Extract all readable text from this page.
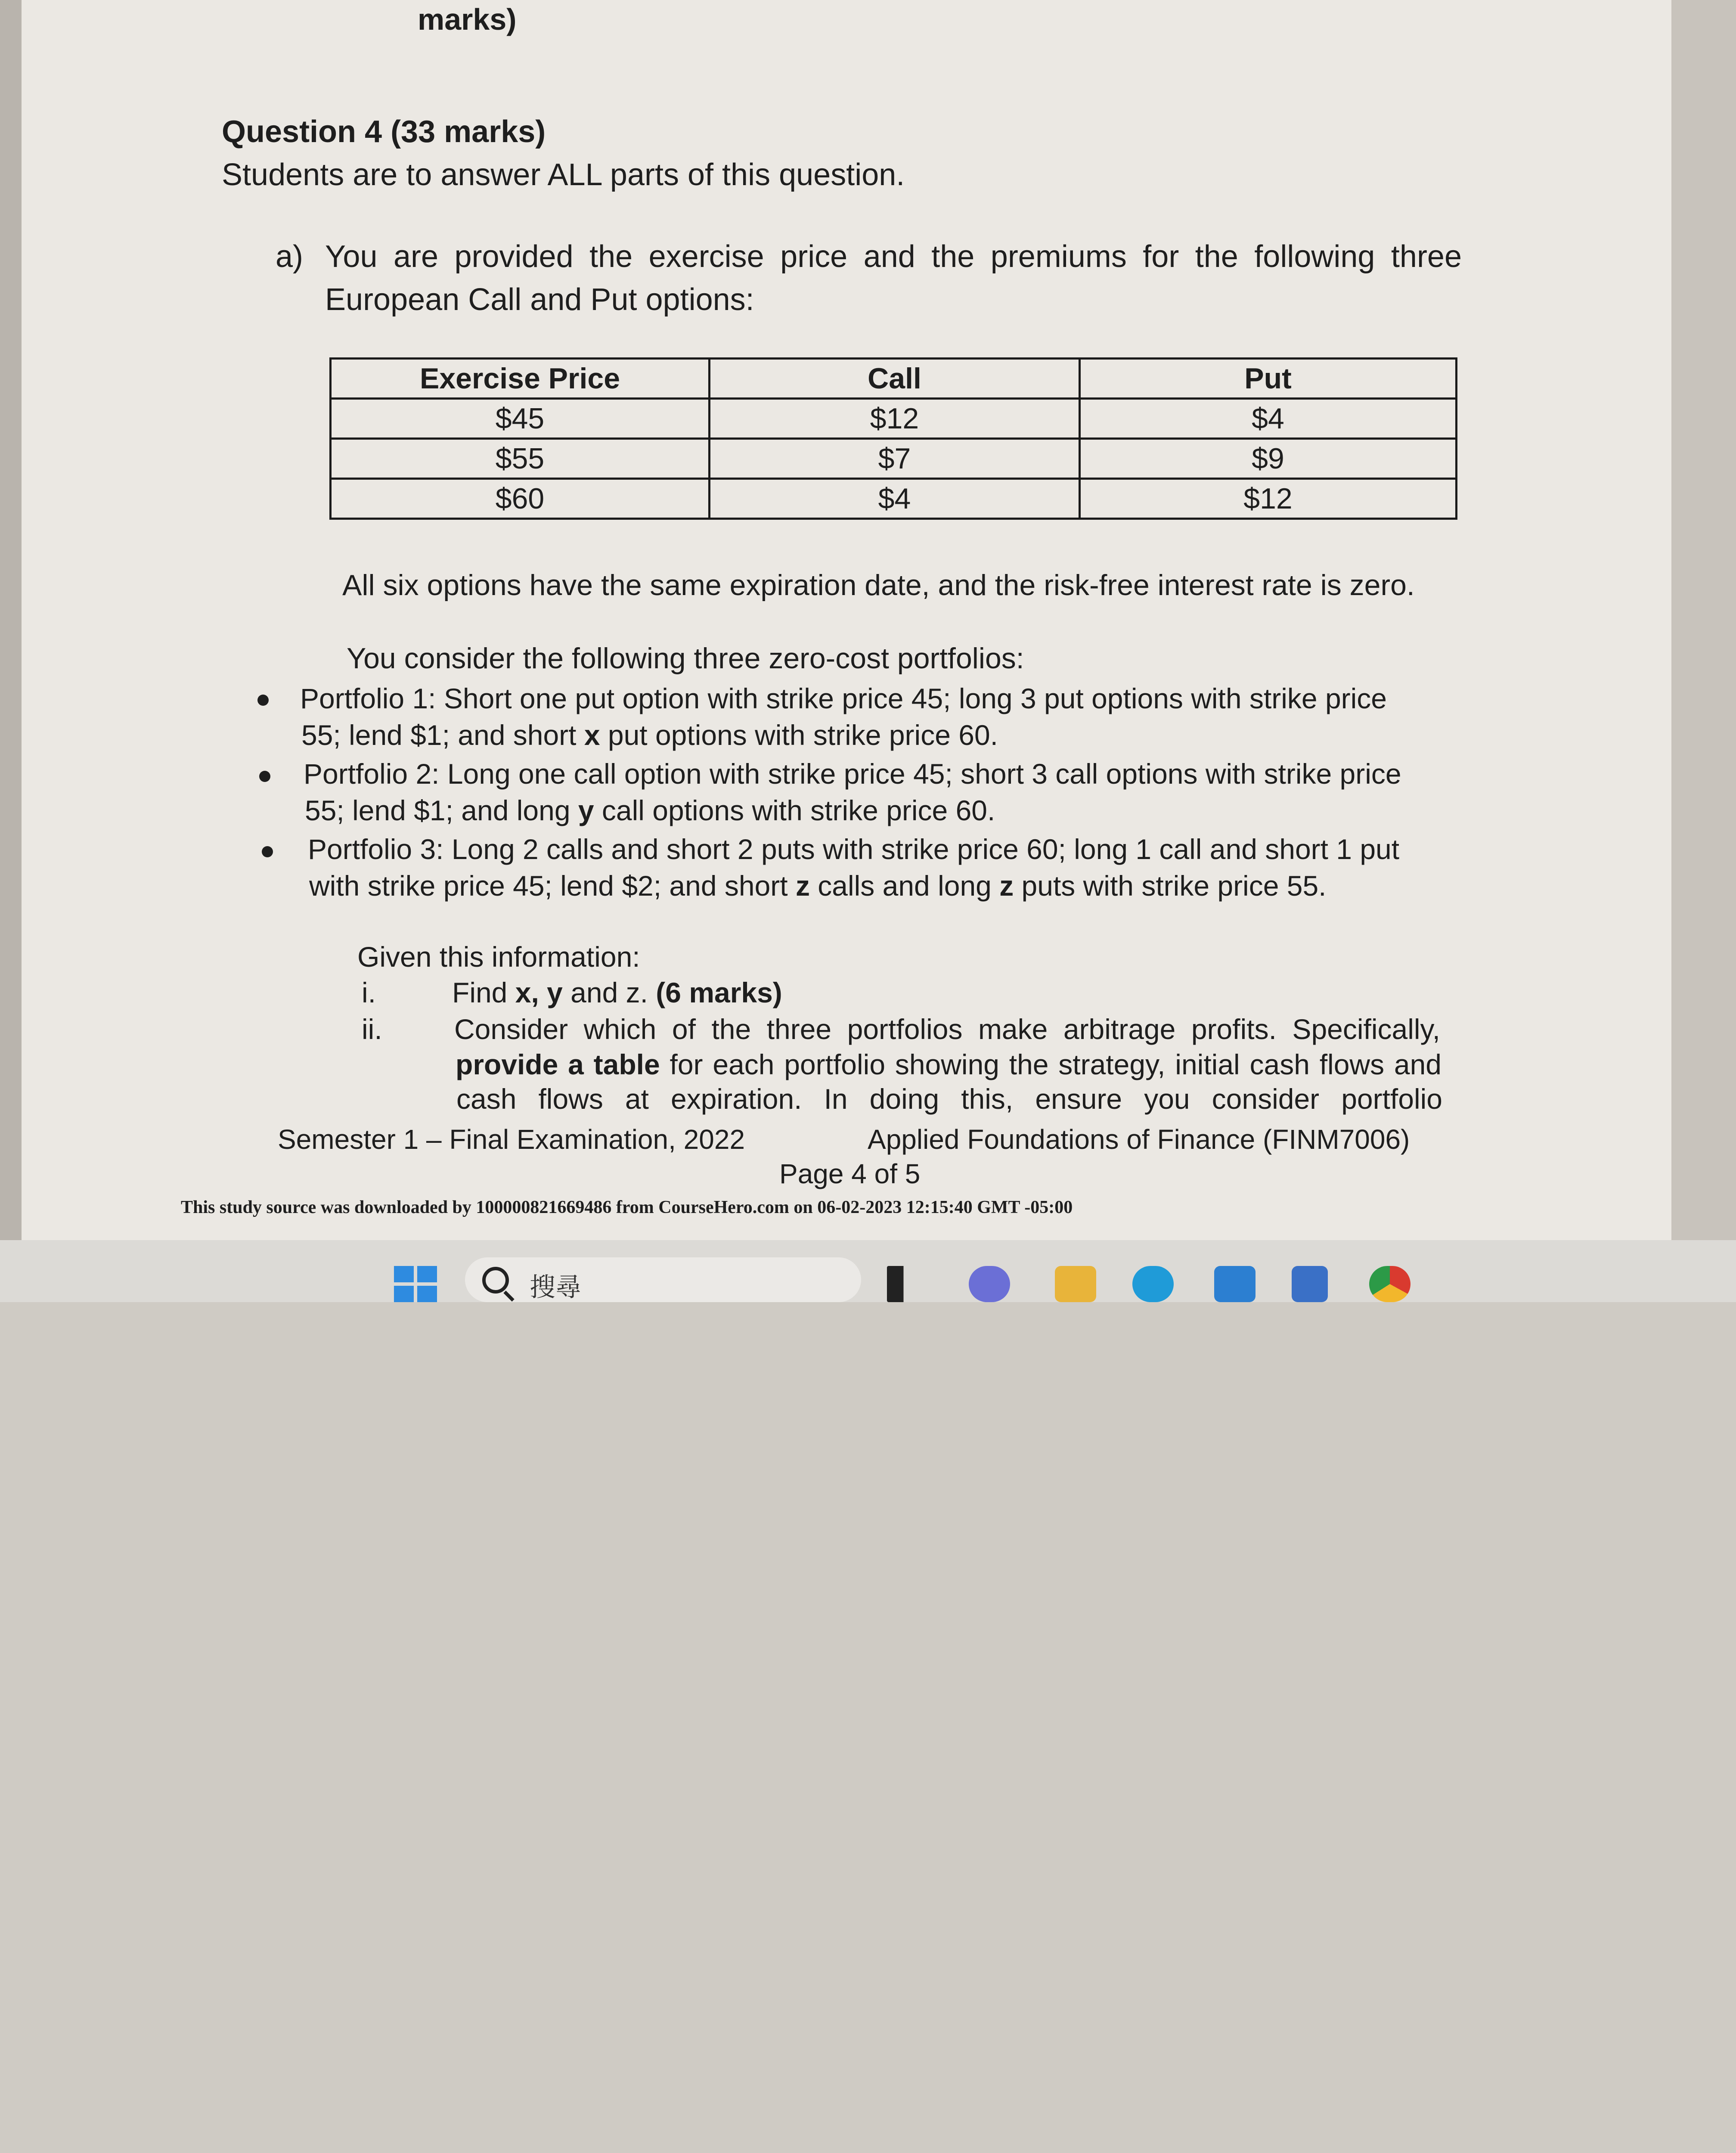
marks)
Question 4 (33 marks)
Students are to answer ALL parts of this question.
a) You are provided the exercise price and the premiums for the following three
European Call and Put options:
Exercise Price	Call	Put
$45	$12	$4
$55	$7	$9
$60	$4	$12
All six options have the same expiration date, and the risk-free interest rate is zero.
You consider the following three zero-cost portfolios:
Portfolio 1: Short one put option with strike price 45; long 3 put options with strike price
55; lend $1; and short x put options with strike price 60.
Portfolio 2: Long one call option with strike price 45; short 3 call options with strike price
55; lend $1; and long y call options with strike price 60.
Portfolio 3: Long 2 calls and short 2 puts with strike price 60; long 1 call and short 1 put
with strike price 45; lend $2; and short z calls and long z puts with strike price 55.
Given this information:
i.	Find x, y and z. (6 marks)
ii.	Consider which of the three portfolios make arbitrage profits. Specifically,
provide a table for each portfolio showing the strategy, initial cash flows and
cash flows at expiration. In doing this, ensure you consider portfolio
Semester 1 – Final Examination, 2022	Applied Foundations of Finance (FINM7006)
Page 4 of 5
This study source was downloaded by 100000821669486 from CourseHero.com on 06-02-2023 12:15:40 GMT -05:00
搜尋
